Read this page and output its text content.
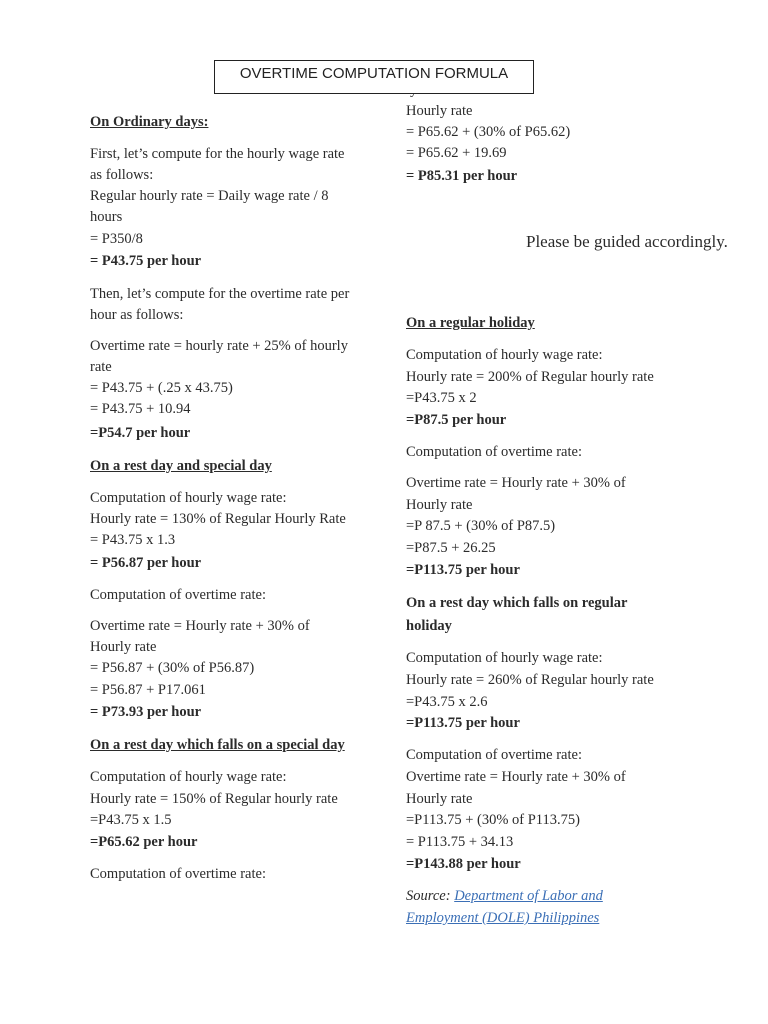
OVERTIME COMPUTATION FORMULA
On Ordinary days:
First, let’s compute for the hourly wage rate
as follows:
Regular hourly rate = Daily wage rate / 8
hours
= P350/8
= P43.75 per hour
Then, let’s compute for the overtime rate per
hour as follows:
Overtime rate = hourly rate + 25% of hourly
rate
= P43.75 + (.25 x 43.75)
= P43.75 + 10.94
=P54.7 per hour
On a rest day and special day
Computation of hourly wage rate:
Hourly rate = 130% of Regular Hourly Rate
= P43.75 x 1.3
= P56.87 per hour
Computation of overtime rate:
Overtime rate = Hourly rate + 30% of
Hourly rate
= P56.87 + (30% of P56.87)
= P56.87 + P17.061
= P73.93 per hour
On a rest day which falls on a special day
Computation of hourly wage rate:
Hourly rate = 150% of Regular hourly rate
=P43.75 x 1.5
=P65.62 per hour
Computation of overtime rate:
Hourly rate
= P65.62 + (30% of P65.62)
= P65.62 + 19.69
= P85.31 per hour
On a regular holiday
Computation of hourly wage rate:
Hourly rate = 200% of Regular hourly rate
=P43.75 x 2
=P87.5 per hour
Computation of overtime rate:
Overtime rate = Hourly rate + 30% of
Hourly rate
=P 87.5 + (30% of P87.5)
=P87.5 + 26.25
=P113.75 per hour
On a rest day which falls on regular
holiday
Computation of hourly wage rate:
Hourly rate = 260% of Regular hourly rate
=P43.75 x 2.6
=P113.75 per hour
Computation of overtime rate:
Overtime rate = Hourly rate + 30% of
Hourly rate
=P113.75 + (30% of P113.75)
= P113.75 + 34.13
=P143.88 per hour
Please be guided accordingly.
Source: Department of Labor and
Employment (DOLE) Philippines
